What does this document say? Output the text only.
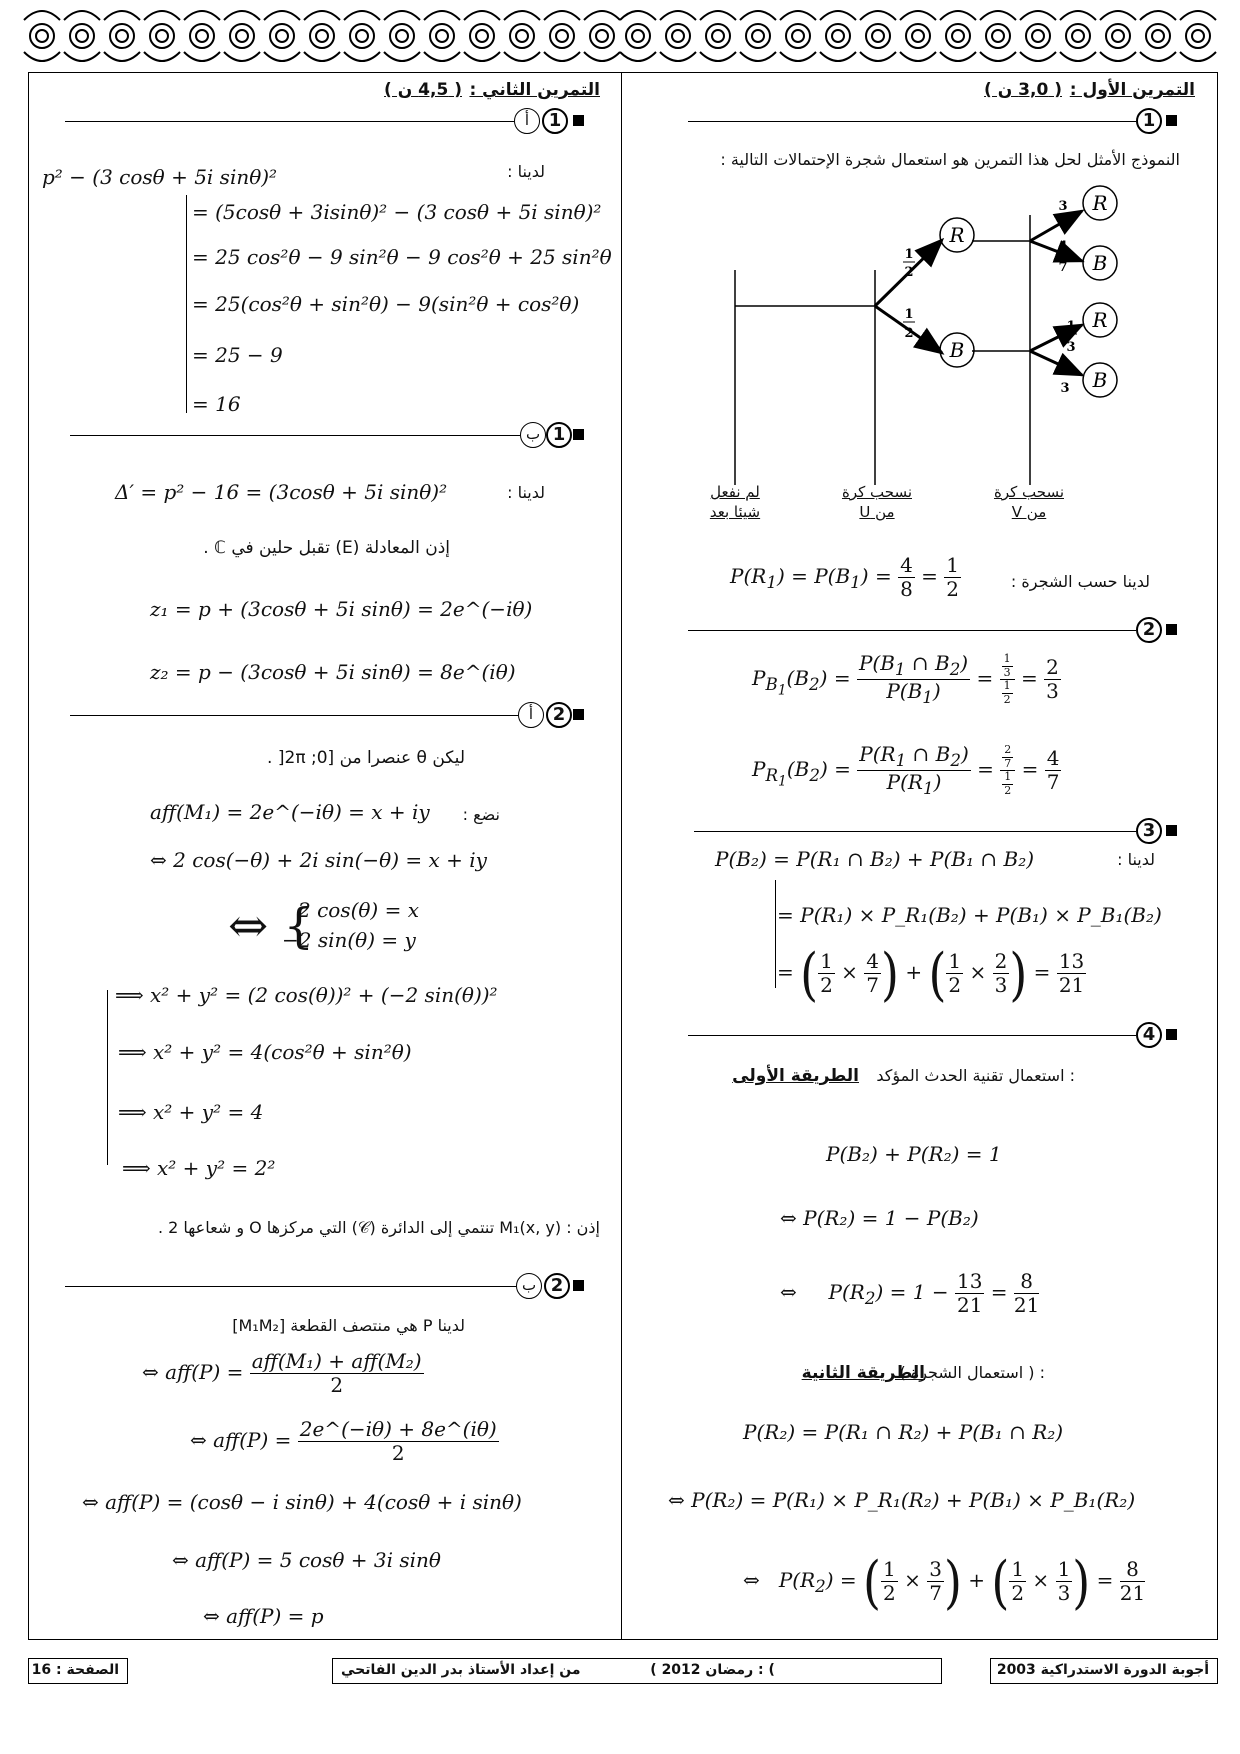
التمرين الأول :
( 3,0 ن )
1
النموذج الأمثل لحل هذا التمرين هو استعمال شجرة الإحتمالات التالية :
R
B
R
B
R
B
1
2
1
2
3
7
4
7
1
3
2
3
لم نفعل شيئا بعد
نسحب كرة من U
نسحب كرة من V
لدينا حسب الشجرة :
$P(R_1) = P(B_1) = \frac{4}{8} = \frac{1}{2}$
2
$P_{B_1}(B_2) = \frac{P(B_1 \cap B_2)}{P(B_1)} = \frac{\frac{1}{3}}{\frac{1}{2}} = \frac{2}{3}$
$P_{R_1}(B_2) = \frac{P(R_1 \cap B_2)}{P(R_1)} = \frac{\frac{2}{7}}{\frac{1}{2}} = \frac{4}{7}$
3
لدينا :
P(B₂) = P(R₁ ∩ B₂) + P(B₁ ∩ B₂)
= P(R₁) × P_R₁(B₂) + P(B₁) × P_B₁(B₂)
= ( $\frac{1}{2} \times \frac{4}{7}$ ) + ( $\frac{1}{2} \times \frac{2}{3}$ ) = $\frac{13}{21}$
4
: استعمال تقنية الحدث المؤكد
الطريقة الأولى
P(B₂) + P(R₂) = 1
⇔ P(R₂) = 1 − P(B₂)
⇔     $P(R_2) = 1 - \frac{13}{21} = \frac{8}{21}$
: ( استعمال الشجرة )
الطريقة الثانية
P(R₂) = P(R₁ ∩ R₂) + P(B₁ ∩ R₂)
⇔ P(R₂) = P(R₁) × P_R₁(R₂) + P(B₁) × P_B₁(R₂)
⇔   $P(R_2)$ = ( $\frac{1}{2} \times \frac{3}{7}$ ) + ( $\frac{1}{2} \times \frac{1}{3}$ ) = $\frac{8}{21}$
التمرين الثاني :
( 4,5 ن )
1
أ
لدينا :
p² − (3 cosθ + 5i sinθ)²
= (5cosθ + 3isinθ)² − (3 cosθ + 5i sinθ)²
= 25 cos²θ − 9 sin²θ − 9 cos²θ + 25 sin²θ
= 25(cos²θ + sin²θ) − 9(sin²θ + cos²θ)
= 25 − 9
= 16
1
ب
لدينا :
Δ′ = p² − 16 = (3cosθ + 5i sinθ)²
إذن المعادلة (E) تقبل حلين في ℂ .
z₁ = p + (3cosθ + 5i sinθ) = 2e^(−iθ)
z₂ = p − (3cosθ + 5i sinθ) = 8e^(iθ)
2
أ
ليكن θ عنصرا من [0; 2π[ .
نضع :
aff(M₁) = 2e^(−iθ) = x + iy
⇔ 2 cos(−θ) + 2i sin(−θ) = x + iy
⇔ {
2 cos(θ) = x
−2 sin(θ) = y
⟹ x² + y² = (2 cos(θ))² + (−2 sin(θ))²
⟹ x² + y² = 4(cos²θ + sin²θ)
⟹ x² + y² = 4
⟹ x² + y² = 2²
إذن : M₁(x, y) تنتمي إلى الدائرة (𝒞) التي مركزها O و شعاعها 2 .
2
ب
لدينا P هي منتصف القطعة [M₁M₂]
⇔ $aff(P) = \frac{\text{aff(M₁) + aff(M₂)}}{2}$
⇔ $aff(P) = \frac{2e\^{}(-i\theta) + 8e\^{}(i\theta)}{2}$
⇔ aff(P) = (cosθ − i sinθ) + 4(cosθ + i sinθ)
⇔ aff(P) = 5 cosθ + 3i sinθ
⇔ aff(P) = p
الصفحة : 16	رمضان 2012 )  من إعداد الأستاذ بدر الدين الفاتحي : (	أجوبة الدورة الاستدراكية 2003
